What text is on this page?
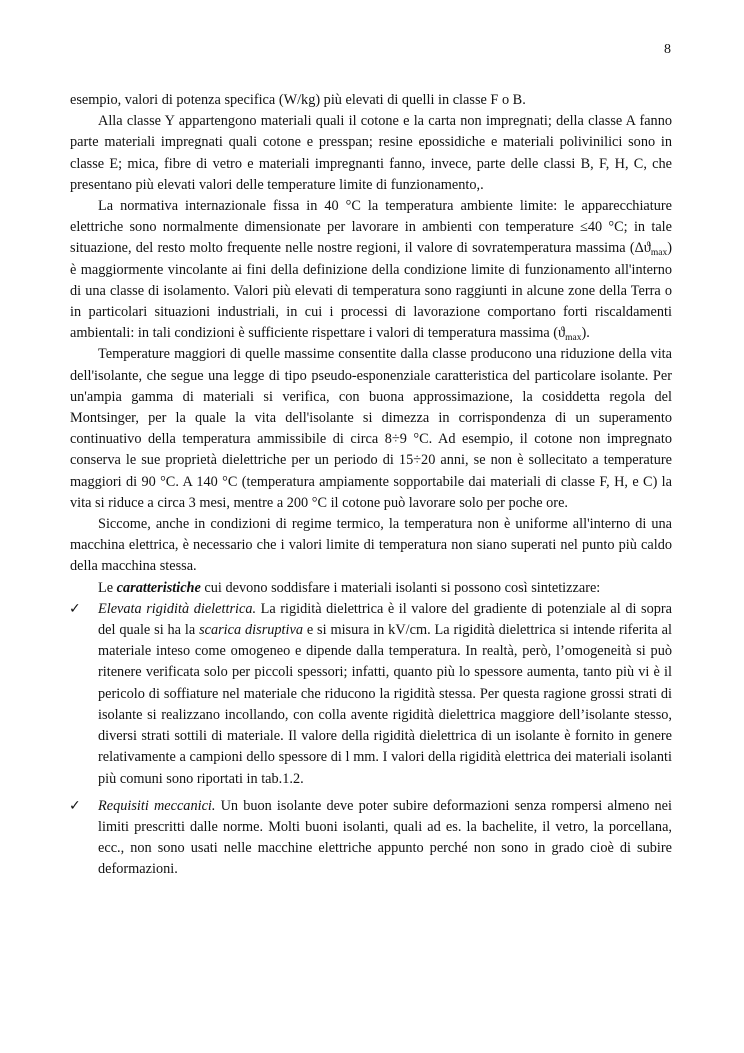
8

esempio, valori di potenza specifica (W/kg) più elevati di quelli in classe F o B.

Alla classe Y appartengono materiali quali il cotone e la carta non impregnati; della classe A fanno parte materiali impregnati quali cotone e presspan; resine epossidiche e materiali polivinilici sono in classe E; mica, fibre di vetro e materiali impregnanti fanno, invece, parte delle classi B, F, H, C, che presentano più elevati valori delle temperature limite di funzionamento,.

La normativa internazionale fissa in 40 °C la temperatura ambiente limite: le apparecchiature elettriche sono normalmente dimensionate per lavorare in ambienti con temperature ≤40 °C; in tale situazione, del resto molto frequente nelle nostre regioni, il valore di sovratemperatura massima $(\Delta ϑ_{max})$ è maggiormente vincolante ai fini della definizione della condizione limite di funzionamento all'interno di una classe di isolamento. Valori più elevati di temperatura sono raggiunti in alcune zone della Terra o in particolari situazioni industriali, in cui i processi di lavorazione comportano forti riscaldamenti ambientali: in tali condizioni è sufficiente rispettare i valori di temperatura massima $(ϑ_{max})$.

Temperature maggiori di quelle massime consentite dalla classe producono una riduzione della vita dell'isolante, che segue una legge di tipo pseudo-esponenziale caratteristica del particolare isolante. Per un'ampia gamma di materiali si verifica, con buona approssimazione, la cosiddetta regola del Montsinger, per la quale la vita dell'isolante si dimezza in corrispondenza di un superamento continuativo della temperatura ammissibile di circa 8÷9 °C. Ad esempio, il cotone non impregnato conserva le sue proprietà dielettriche per un periodo di 15÷20 anni, se non è sollecitato a temperature maggiori di 90 °C. A 140 °C (temperatura ampiamente sopportabile dai materiali di classe F, H, e C) la vita si riduce a circa 3 mesi, mentre a 200 °C il cotone può lavorare solo per poche ore.

Siccome, anche in condizioni di regime termico, la temperatura non è uniforme all'interno di una macchina elettrica, è necessario che i valori limite di temperatura non siano superati nel punto più caldo della macchina stessa.

Le caratteristiche cui devono soddisfare i materiali isolanti si possono così sintetizzare:

✓ Elevata rigidità dielettrica. La rigidità dielettrica è il valore del gradiente di potenziale al di sopra del quale si ha la scarica disruptiva e si misura in kV/cm. La rigidità dielettrica si intende riferita al materiale inteso come omogeneo e dipende dalla temperatura. In realtà, però, l’omogeneità si può ritenere verificata solo per piccoli spessori; infatti, quanto più lo spessore aumenta, tanto più vi è il pericolo di soffiature nel materiale che riducono la rigidità stessa. Per questa ragione grossi strati di isolante si realizzano incollando, con colla avente rigidità dielettrica maggiore dell’isolante stesso, diversi strati sottili di materiale. Il valore della rigidità dielettrica di un isolante è fornito in genere relativamente a campioni dello spessore di l mm. I valori della rigidità elettrica dei materiali isolanti più comuni sono riportati in tab.1.2.
✓ Requisiti meccanici. Un buon isolante deve poter subire deformazioni senza rompersi almeno nei limiti prescritti dalle norme. Molti buoni isolanti, quali ad es. la bachelite, il vetro, la porcellana, ecc., non sono usati nelle macchine elettriche appunto perché non sono in grado cioè di subire deformazioni.
